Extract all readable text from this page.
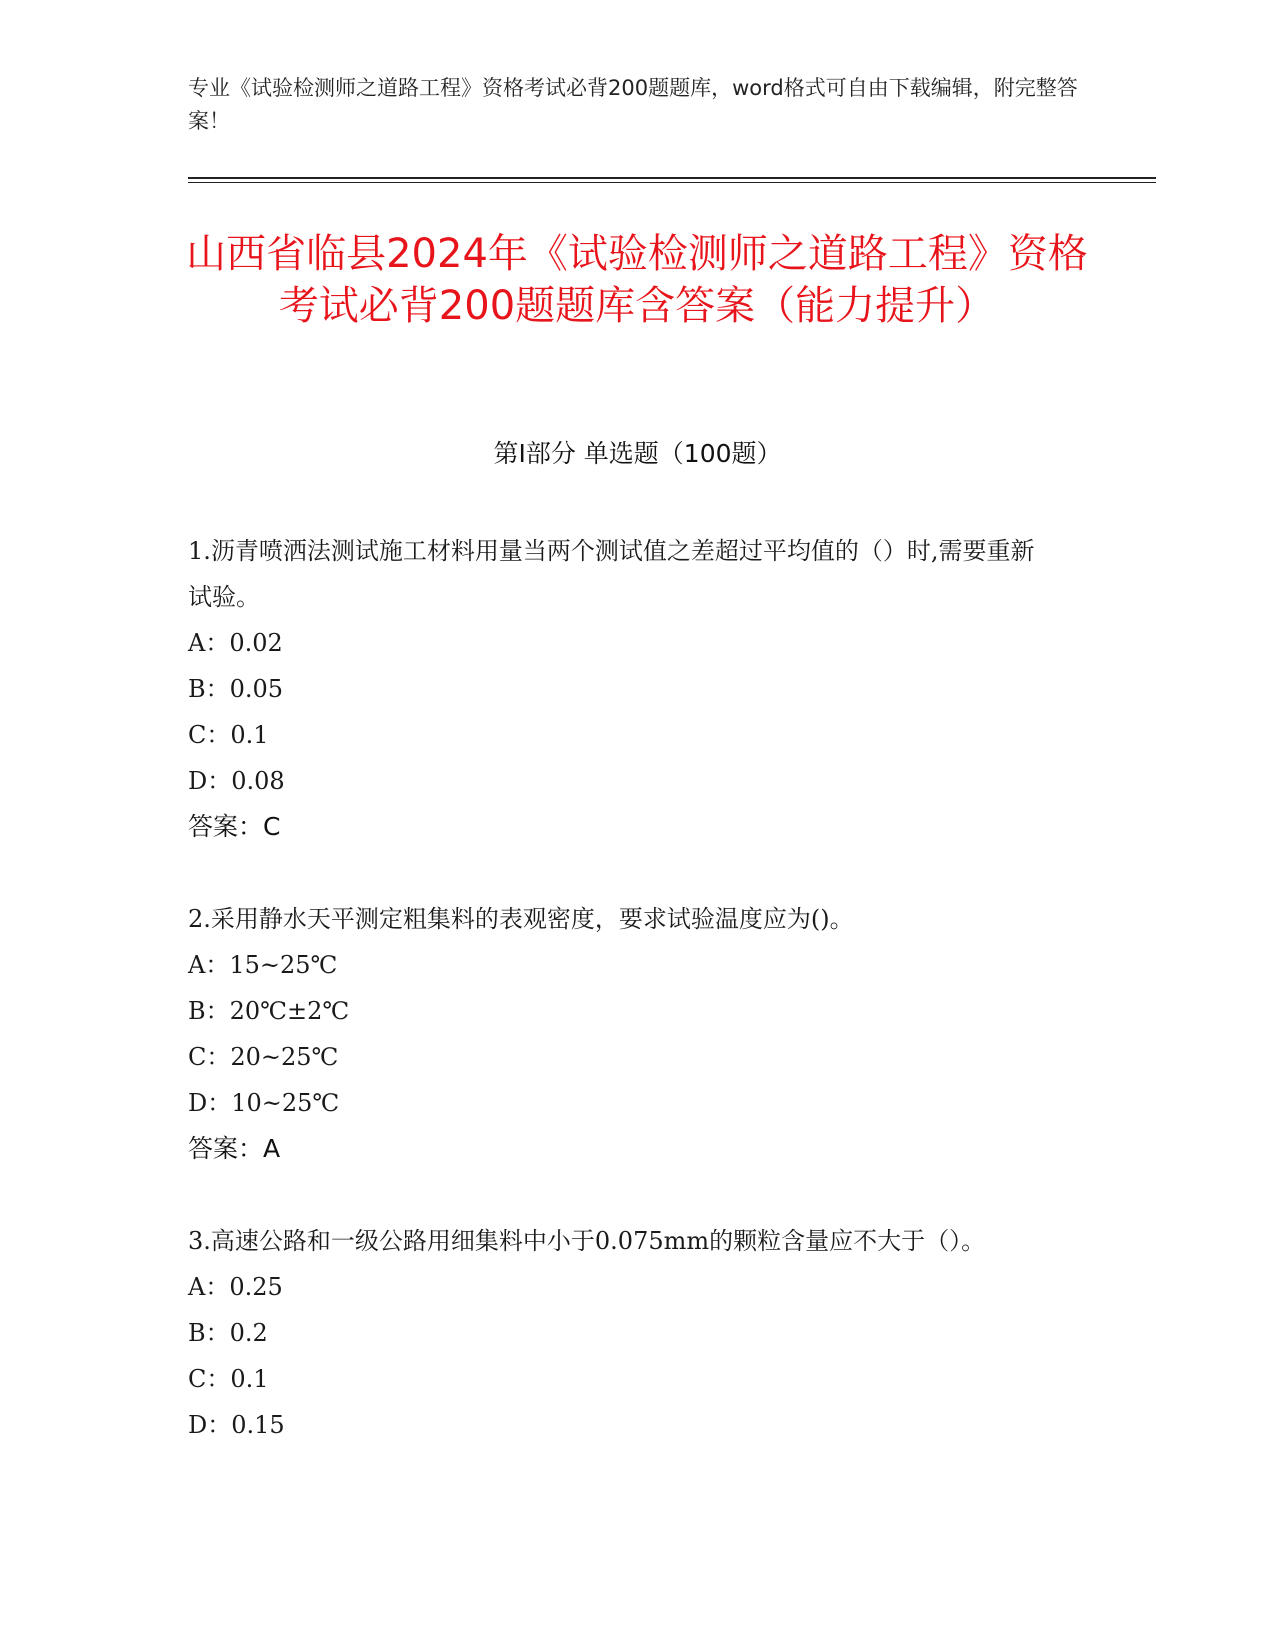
专业《试验检测师之道路工程》资格考试必背200题题库，word格式可自由下载编辑，附完整答案！
山西省临县2024年《试验检测师之道路工程》资格考试必背200题题库含答案（能力提升）
第I部分 单选题（100题）
1.沥青喷洒法测试施工材料用量当两个测试值之差超过平均值的（）时,需要重新试验。
A：0.02
B：0.05
C：0.1
D：0.08
答案：C
2.采用静水天平测定粗集料的表观密度，要求试验温度应为()。
A：15~25℃
B：20℃±2℃
C：20~25℃
D：10~25℃
答案：A
3.高速公路和一级公路用细集料中小于0.075mm的颗粒含量应不大于（）。
A：0.25
B：0.2
C：0.1
D：0.15
